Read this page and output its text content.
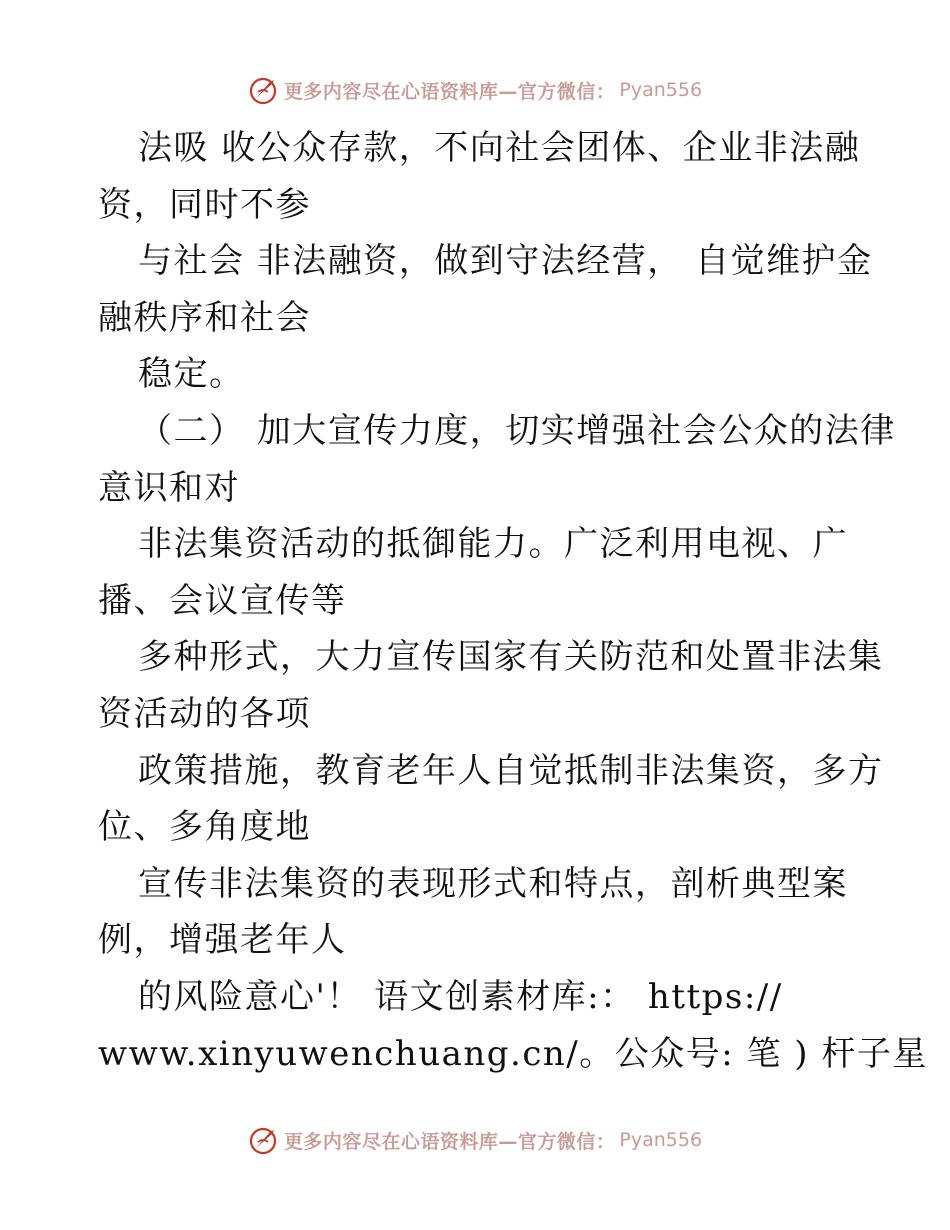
更多内容尽在心语资料库—官方微信： Pyan556
法吸 收公众存款，不向社会团体、企业非法融
资，同时不参
与社会 非法融资，做到守法经营， 自觉维护金
融秩序和社会
稳定。
（二） 加大宣传力度，切实增强社会公众的法律
意识和对
非法集资活动的抵御能力。广泛利用电视、广
播、会议宣传等
多种形式，大力宣传国家有关防范和处置非法集
资活动的各项
政策措施，教育老年人自觉抵制非法集资，多方
位、多角度地
宣传非法集资的表现形式和特点，剖析典型案
例，增强老年人
的风险意心'！ 语文创素材库:： https://
www.xinyuwenchuang.cn/。公众号: 笔 ) 杆子星
更多内容尽在心语资料库—官方微信： Pyan556
